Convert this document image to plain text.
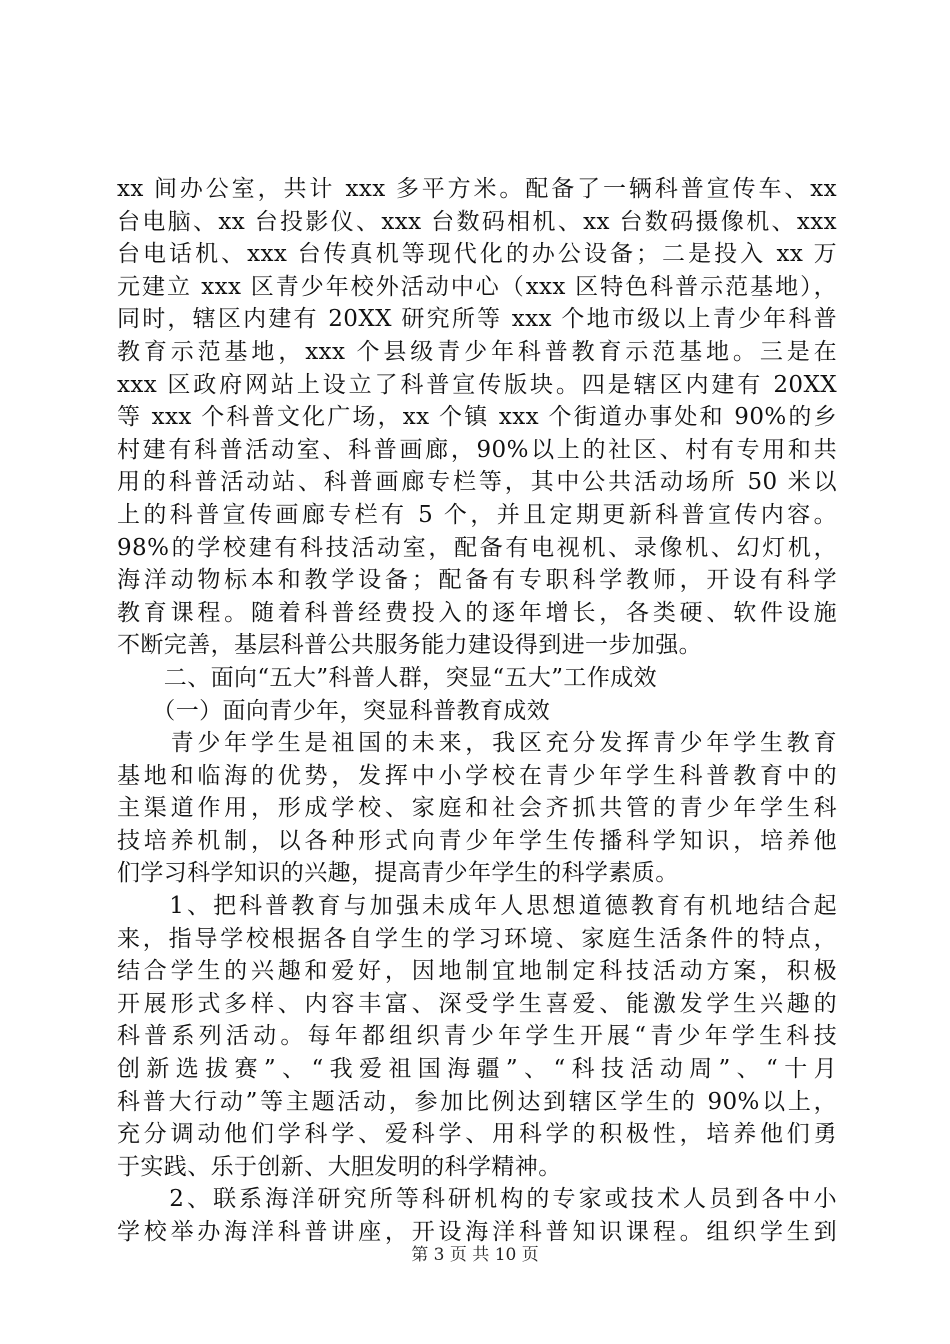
xx 间办公室，共计 xxx 多平方米。配备了一辆科普宣传车、xx
台电脑、xx 台投影仪、xxx 台数码相机、xx 台数码摄像机、xxx
台电话机、xxx 台传真机等现代化的办公设备；二是投入 xx 万
元建立 xxx 区青少年校外活动中心（xxx 区特色科普示范基地），
同时，辖区内建有 20XX 研究所等 xxx 个地市级以上青少年科普
教育示范基地，xxx 个县级青少年科普教育示范基地。三是在
xxx 区政府网站上设立了科普宣传版块。四是辖区内建有 20XX
等 xxx 个科普文化广场，xx 个镇 xxx 个街道办事处和 90%的乡
村建有科普活动室、科普画廊，90%以上的社区、村有专用和共
用的科普活动站、科普画廊专栏等，其中公共活动场所 50 米以
上的科普宣传画廊专栏有 5 个，并且定期更新科普宣传内容。
98%的学校建有科技活动室，配备有电视机、录像机、幻灯机，
海洋动物标本和教学设备；配备有专职科学教师，开设有科学
教育课程。随着科普经费投入的逐年增长，各类硬、软件设施
不断完善，基层科普公共服务能力建设得到进一步加强。
　　二、面向“五大”科普人群，突显“五大”工作成效
　　（一）面向青少年，突显科普教育成效
　　青少年学生是祖国的未来，我区充分发挥青少年学生教育
基地和临海的优势，发挥中小学校在青少年学生科普教育中的
主渠道作用，形成学校、家庭和社会齐抓共管的青少年学生科
技培养机制，以各种形式向青少年学生传播科学知识，培养他
们学习科学知识的兴趣，提高青少年学生的科学素质。
　　1、把科普教育与加强未成年人思想道德教育有机地结合起
来，指导学校根据各自学生的学习环境、家庭生活条件的特点，
结合学生的兴趣和爱好，因地制宜地制定科技活动方案，积极
开展形式多样、内容丰富、深受学生喜爱、能激发学生兴趣的
科普系列活动。每年都组织青少年学生开展“青少年学生科技
创新选拔赛”、“我爱祖国海疆”、“科技活动周”、“十月
科普大行动”等主题活动，参加比例达到辖区学生的 90%以上，
充分调动他们学科学、爱科学、用科学的积极性，培养他们勇
于实践、乐于创新、大胆发明的科学精神。
　　2、联系海洋研究所等科研机构的专家或技术人员到各中小
学校举办海洋科普讲座，开设海洋科普知识课程。组织学生到
第 3 页 共 10 页
